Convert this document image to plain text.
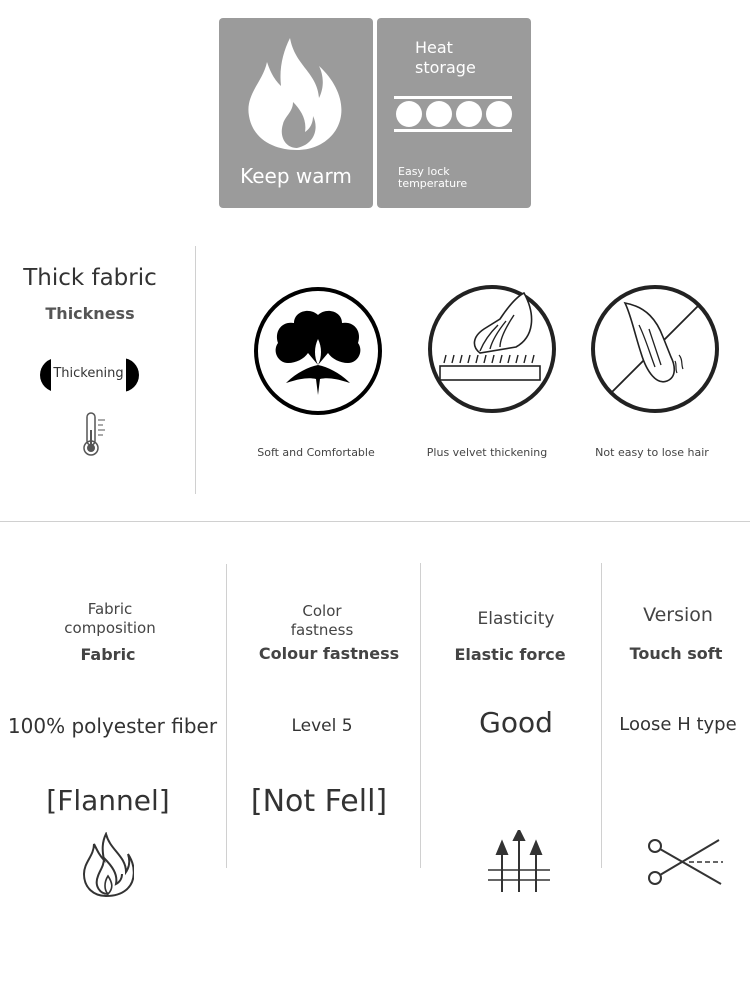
Keep warm
Heat
storage
Easy lock
temperature
Thick fabric
Thickness
Thickening
Soft and Comfortable	Plus velvet thickening	Not easy to lose hair
Fabric
composition
Fabric
100% polyester fiber
[Flannel]
Color
fastness
Colour fastness
Level 5
[Not Fell]
Elasticity
Elastic force
Good
Version
Touch soft
Loose H type
